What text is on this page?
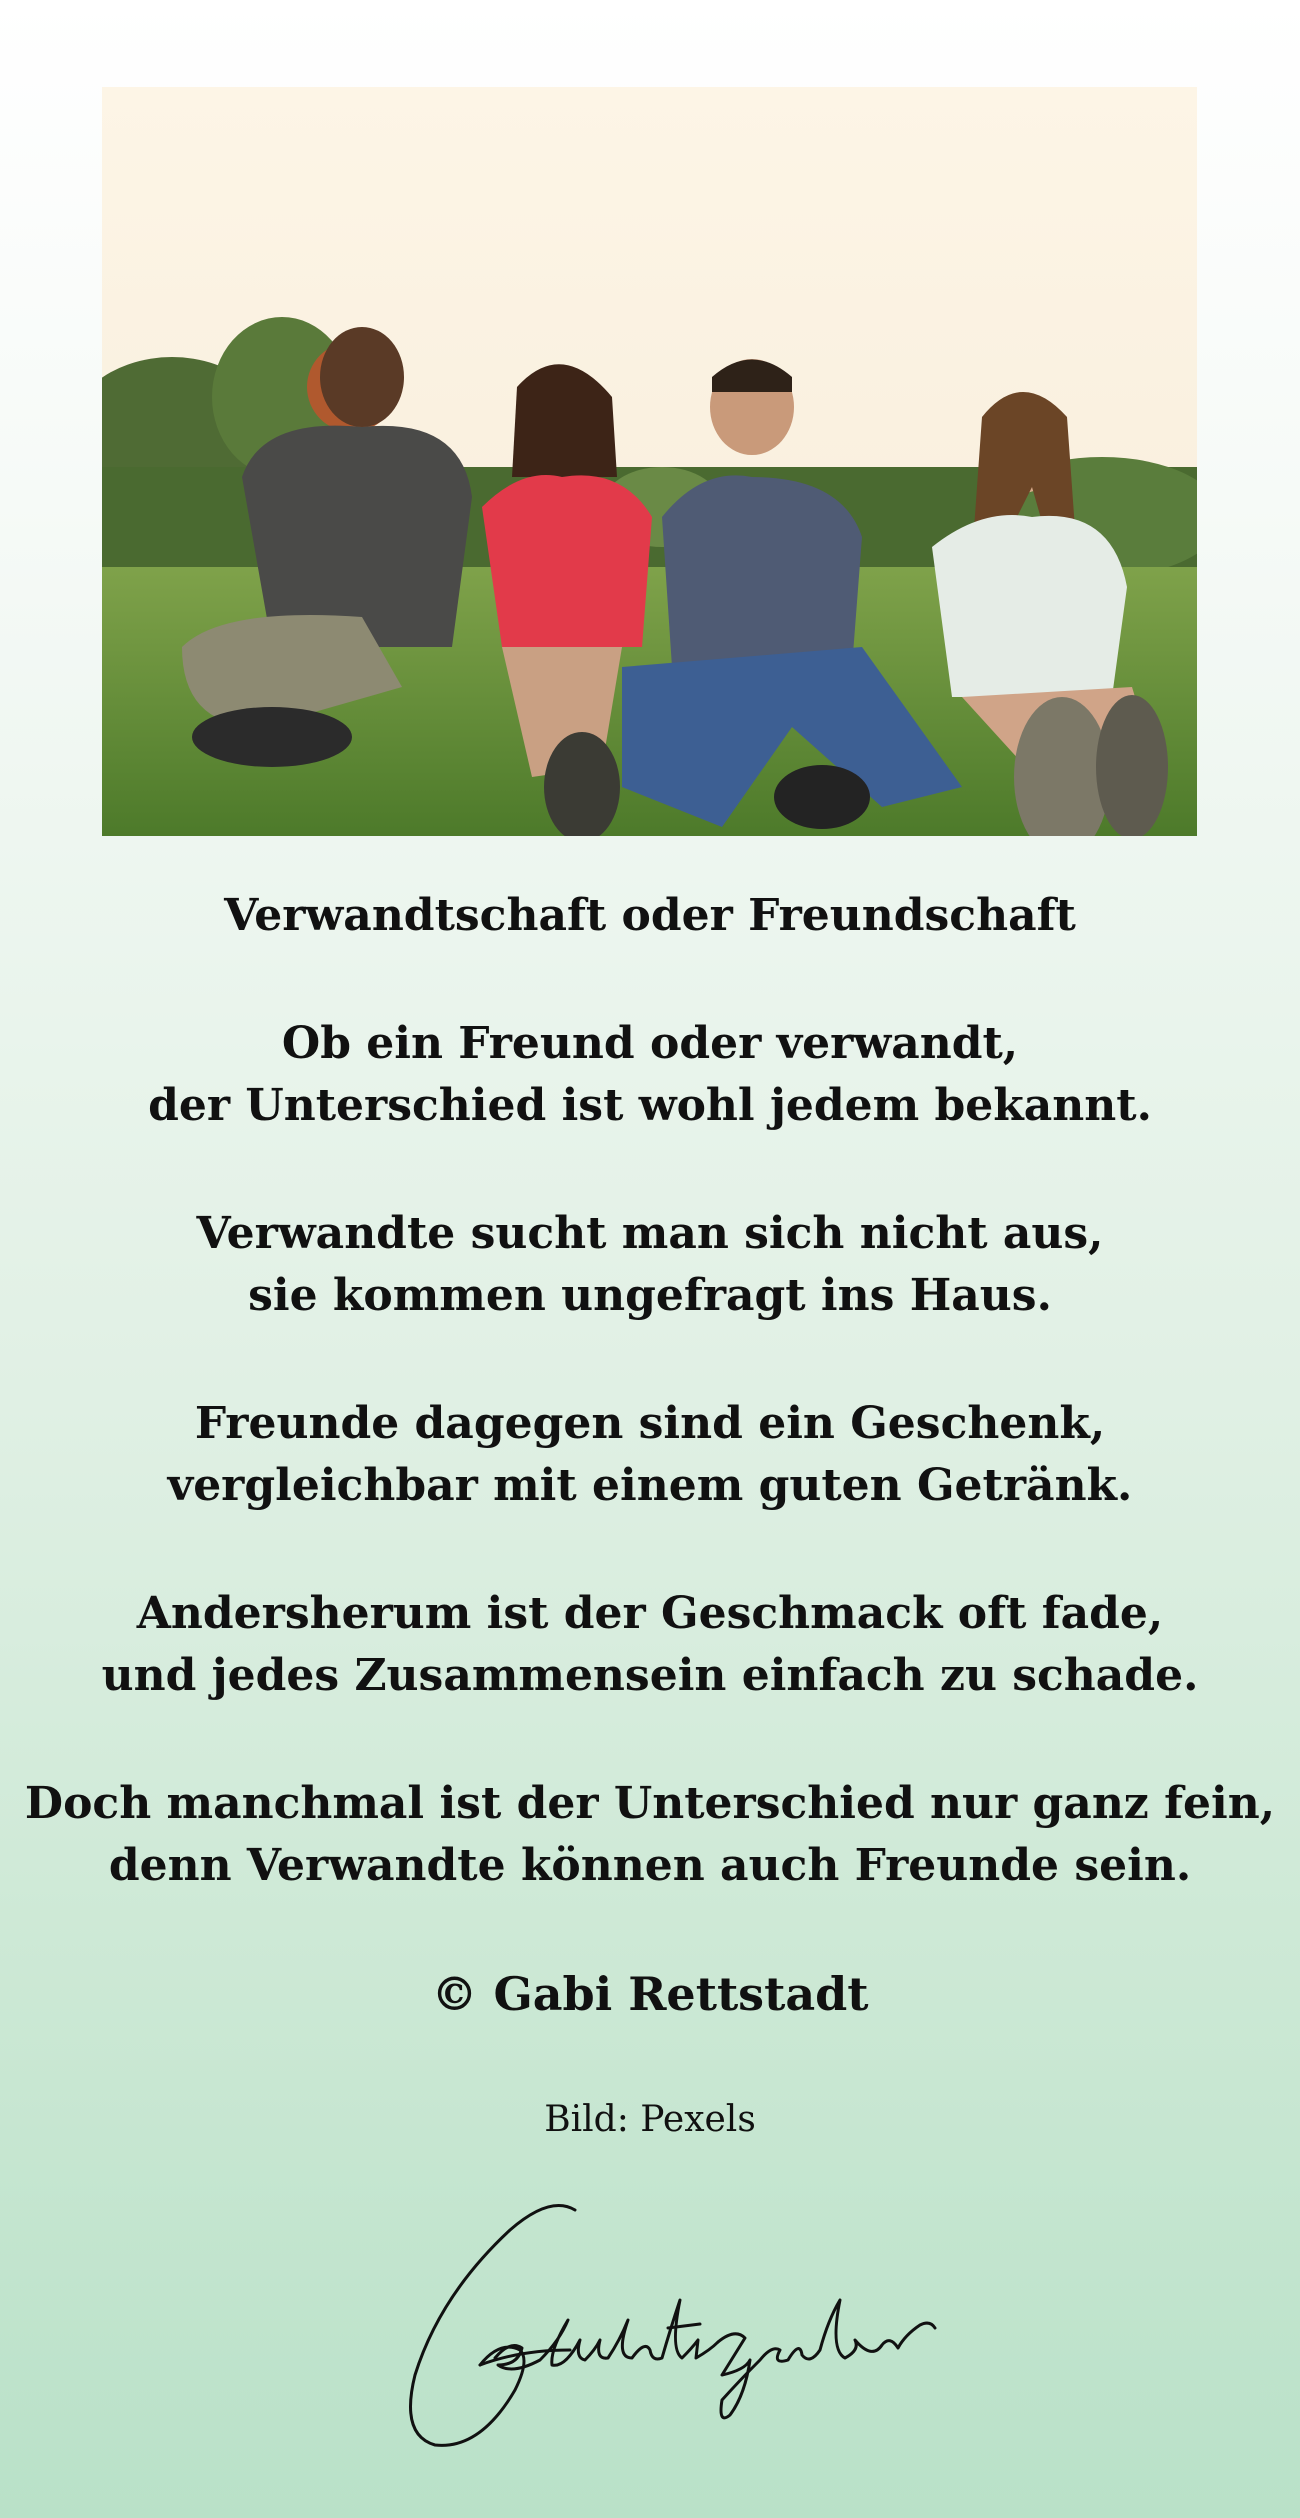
Verwandtschaft oder Freundschaft
Ob ein Freund oder verwandt,
der Unterschied ist wohl jedem bekannt.
Verwandte sucht man sich nicht aus,
sie kommen ungefragt ins Haus.
Freunde dagegen sind ein Geschenk,
vergleichbar mit einem guten Getränk.
Andersherum ist der Geschmack oft fade,
und jedes Zusammensein einfach zu schade.
Doch manchmal ist der Unterschied nur ganz fein,
denn Verwandte können auch Freunde sein.
© Gabi Rettstadt
Bild: Pexels
